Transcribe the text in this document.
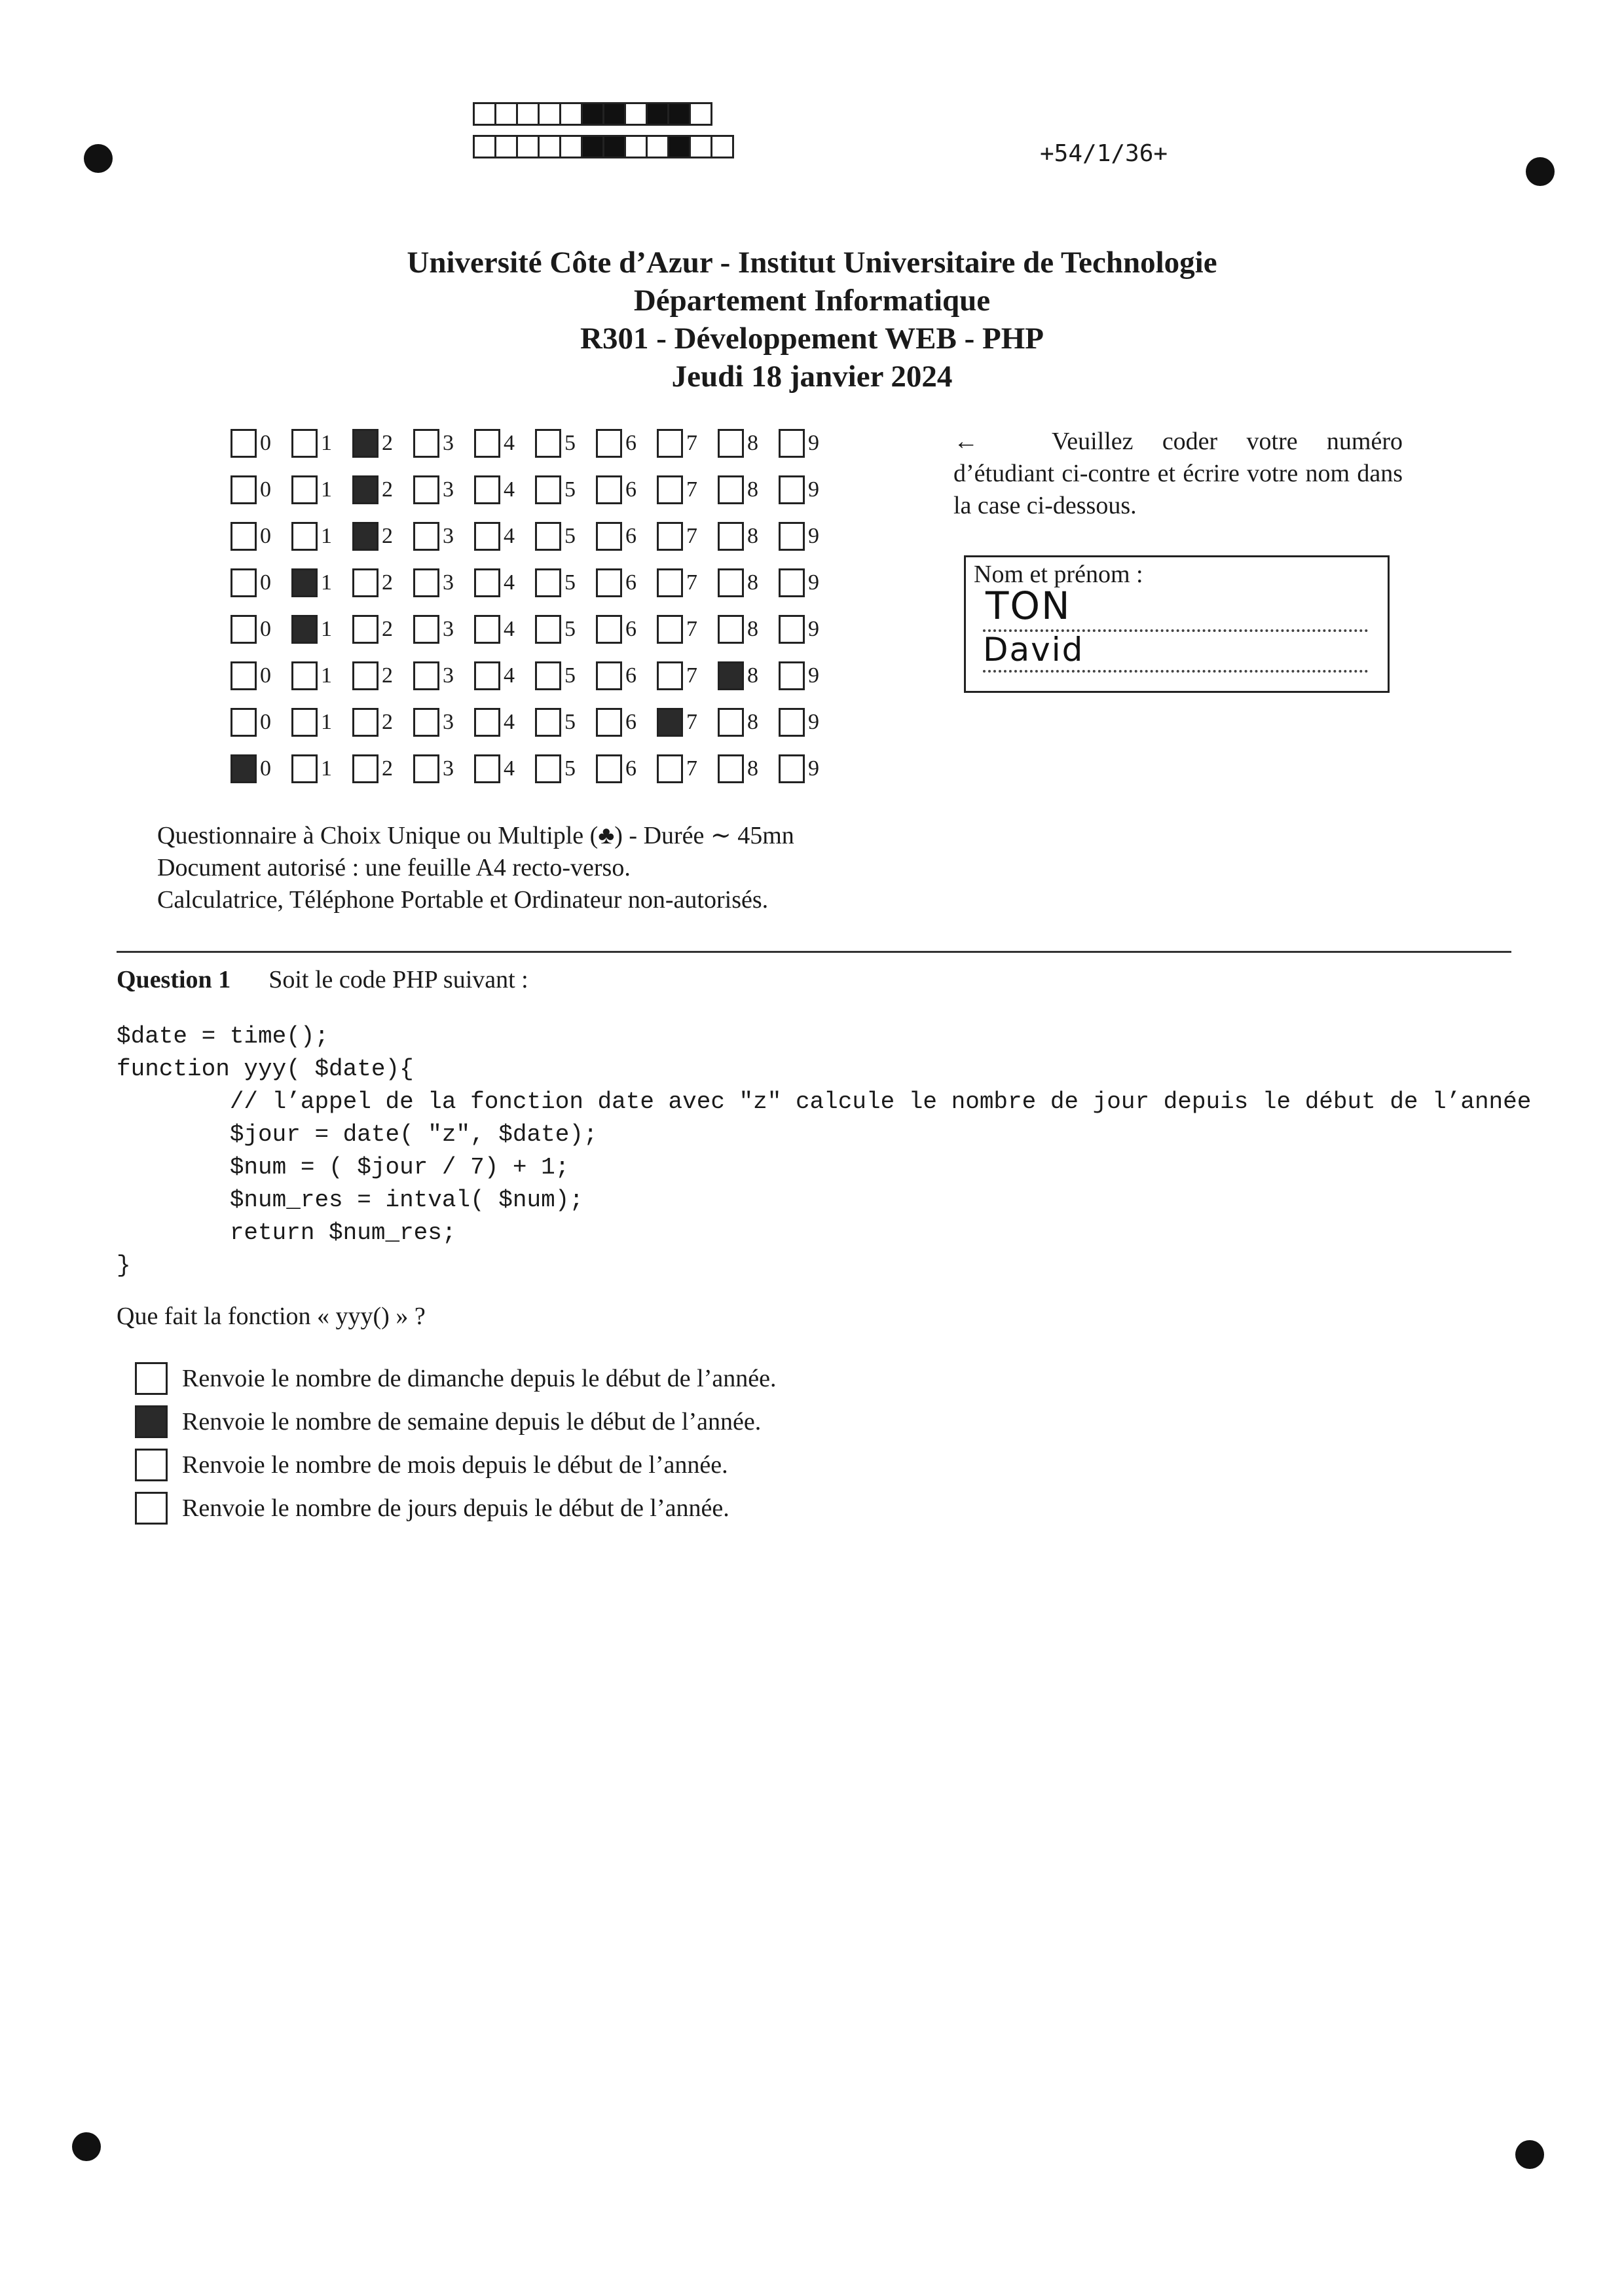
+54/1/36+
Université Côte d’Azur - Institut Universitaire de Technologie
Département Informatique
R301 - Développement WEB - PHP
Jeudi 18 janvier 2024
0 1 2 3 4 5 6 7 8 9
0 1 2 3 4 5 6 7 8 9
0 1 2 3 4 5 6 7 8 9
0 1 2 3 4 5 6 7 8 9
0 1 2 3 4 5 6 7 8 9
0 1 2 3 4 5 6 7 8 9
0 1 2 3 4 5 6 7 8 9
0 1 2 3 4 5 6 7 8 9
←	Veuillez coder votre numéro d’étudiant ci-contre et écrire votre nom dans la case ci-dessous.
Nom et prénom :
TON
David
Questionnaire à Choix Unique ou Multiple (♣) - Durée ∼ 45mn
Document autorisé : une feuille A4 recto-verso.
Calculatrice, Téléphone Portable et Ordinateur non-autorisés.
Question 1 Soit le code PHP suivant :
$date = time();
function yyy( $date){
// l’appel de la fonction date avec "z" calcule le nombre de jour depuis le début de l’année
$jour = date( "z", $date);
$num = ( $jour / 7) + 1;
$num_res = intval( $num);
return $num_res;
}
Que fait la fonction « yyy() » ?
Renvoie le nombre de dimanche depuis le début de l’année.
Renvoie le nombre de semaine depuis le début de l’année.
Renvoie le nombre de mois depuis le début de l’année.
Renvoie le nombre de jours depuis le début de l’année.
